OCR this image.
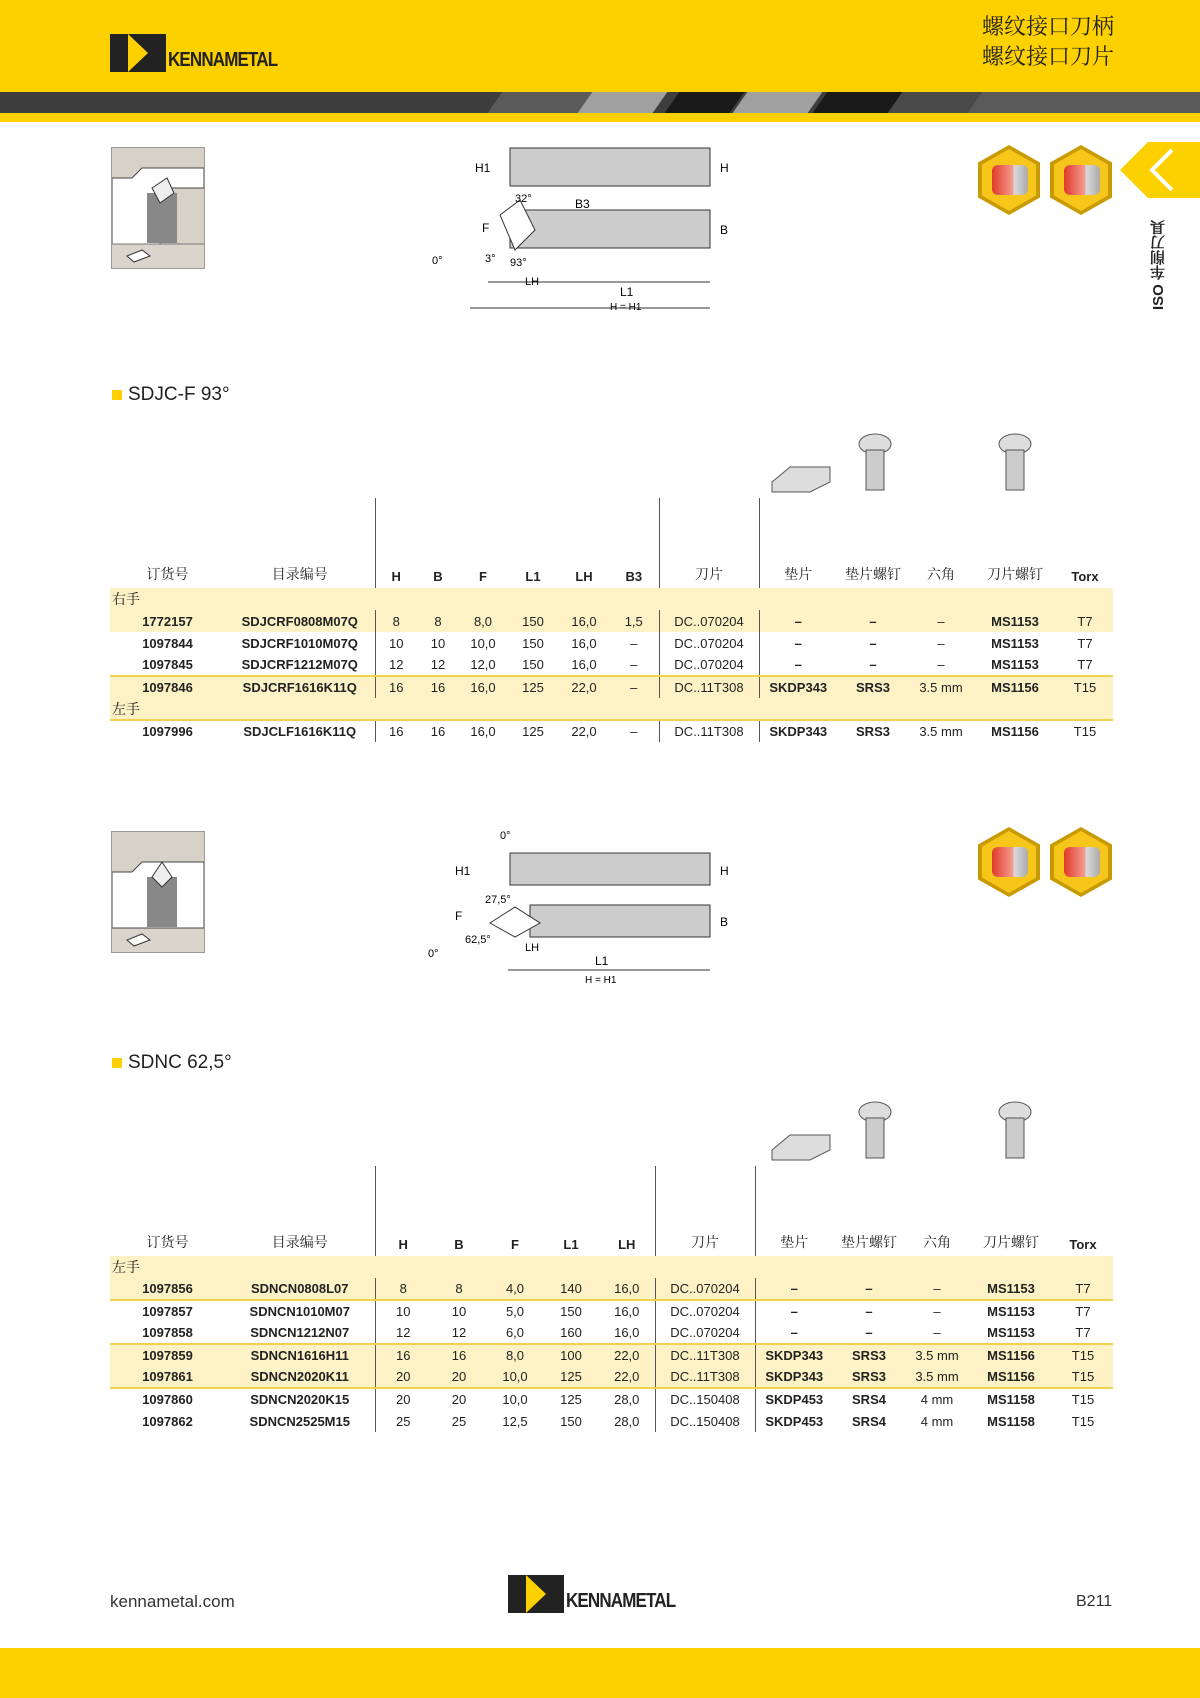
KENNAMETAL
螺纹接口刀柄
螺纹接口刀片
ISO 车削刀具
H1	H
B
B3
32°
F
3° 93°
0°
LH
L1
H = H1
SDJC-F 93°
订货号	目录编号	H	B	F	L1	LH	B3	刀片	垫片	垫片螺钉	六角	刀片螺钉	Torx
右手													
1772157	SDJCRF0808M07Q	8	8	8,0	150	16,0	1,5	DC..070204	–	–	–	MS1153	T7
1097844	SDJCRF1010M07Q	10	10	10,0	150	16,0	–	DC..070204	–	–	–	MS1153	T7
1097845	SDJCRF1212M07Q	12	12	12,0	150	16,0	–	DC..070204	–	–	–	MS1153	T7
1097846	SDJCRF1616K11Q	16	16	16,0	125	22,0	–	DC..11T308	SKDP343	SRS3	3.5 mm	MS1156	T15
左手													
1097996	SDJCLF1616K11Q	16	16	16,0	125	22,0	–	DC..11T308	SKDP343	SRS3	3.5 mm	MS1156	T15
0°
H1	H
B
27,5°
F
62,5°
0°	LH
L1
H = H1
SDNC 62,5°
订货号	目录编号	H	B	F	L1	LH	刀片	垫片	垫片螺钉	六角	刀片螺钉	Torx
左手												
1097856	SDNCN0808L07	8	8	4,0	140	16,0	DC..070204	–	–	–	MS1153	T7
1097857	SDNCN1010M07	10	10	5,0	150	16,0	DC..070204	–	–	–	MS1153	T7
1097858	SDNCN1212N07	12	12	6,0	160	16,0	DC..070204	–	–	–	MS1153	T7
1097859	SDNCN1616H11	16	16	8,0	100	22,0	DC..11T308	SKDP343	SRS3	3.5 mm	MS1156	T15
1097861	SDNCN2020K11	20	20	10,0	125	22,0	DC..11T308	SKDP343	SRS3	3.5 mm	MS1156	T15
1097860	SDNCN2020K15	20	20	10,0	125	28,0	DC..150408	SKDP453	SRS4	4 mm	MS1158	T15
1097862	SDNCN2525M15	25	25	12,5	150	28,0	DC..150408	SKDP453	SRS4	4 mm	MS1158	T15
kennametal.com	KENNAMETAL	B211
